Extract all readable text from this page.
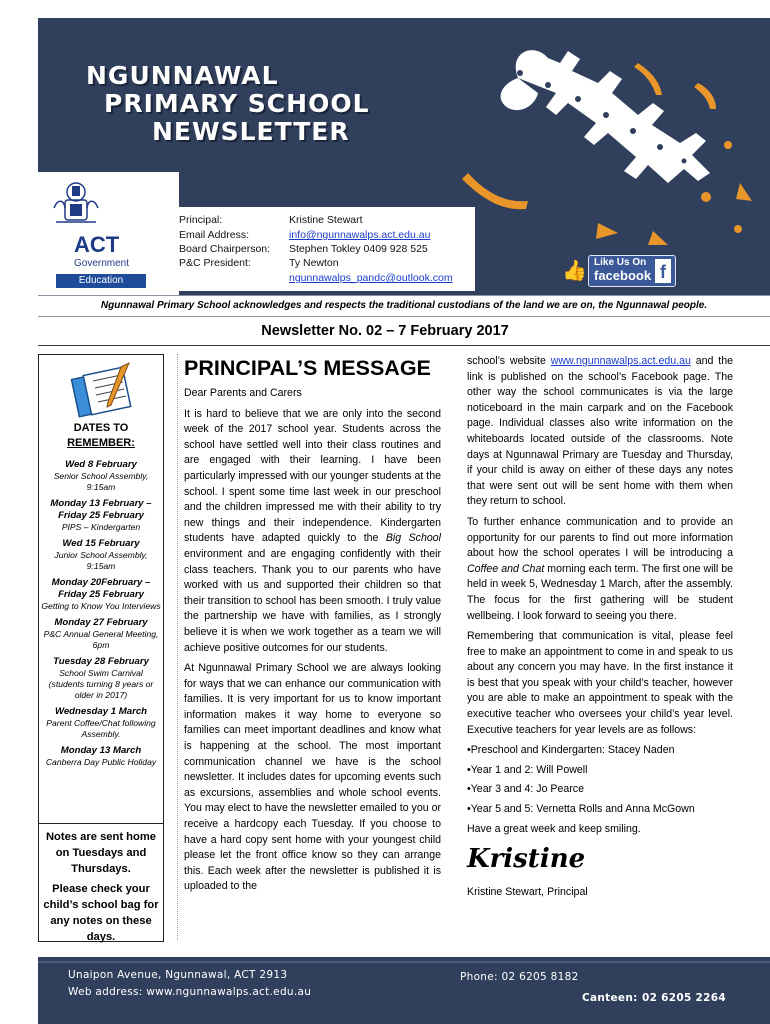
NGUNNAWAL
PRIMARY SCHOOL
NEWSLETTER
ACT
Government
Education
Principal:	Kristine Stewart
Email Address:	info@ngunnawalps.act.edu.au
Board Chairperson:	Stephen Tokley 0409 928 525
P&C President:	Ty Newton
ngunnawalps_pandc@outlook.com	👍 Like Us On
facebook f
Ngunnawal Primary School acknowledges and respects the traditional custodians of the land we are on, the Ngunnawal people.
Newsletter No. 02 – 7 February 2017
DATES TO
REMEMBER:
Wed 8 February
Senior School Assembly, 9:15am
Monday 13 February – Friday 25 February
PIPS – Kindergarten
Wed 15 February
Junior School Assembly, 9:15am
Monday 20February – Friday 25 February
Getting to Know You Interviews
Monday 27 February
P&C Annual General Meeting, 6pm
Tuesday 28 February
School Swim Carnival (students turning 8 years or older in 2017)
Wednesday 1 March
Parent Coffee/Chat following Assembly.
Monday 13 March
Canberra Day Public Holiday

Notes are sent home on Tuesdays and Thursdays.

Please check your child’s school bag for any notes on these days.

PRINCIPAL’S MESSAGE

Dear Parents and Carers

It is hard to believe that we are only into the second week of the 2017 school year. Students across the school have settled well into their class routines and are engaged with their learning. I have been particularly impressed with our younger students at the school. I spent some time last week in our preschool and the children impressed me with their ability to try new things and their independence. Kindergarten students have adapted quickly to the Big School environment and are engaging confidently with their class teachers. Thank you to our parents who have worked with us and supported their children so that their transition to school has been smooth. I truly value the partnership we have with families, as I strongly believe it is when we work together as a team we will achieve positive outcomes for our students.

At Ngunnawal Primary School we are always looking for ways that we can enhance our communication with families. It is very important for us to know important information makes it way home to everyone so families can meet important deadlines and know what is happening at the school. The most important communication channel we have is the school newsletter. It includes dates for upcoming events such as excursions, assemblies and whole school events. You may elect to have the newsletter emailed to you or receive a hardcopy each Tuesday. If you choose to have a hard copy sent home with your youngest child please let the front office know so they can arrange this. Each week after the newsletter is published it is uploaded to the

school’s website www.ngunnawalps.act.edu.au and the link is published on the school’s Facebook page. The other way the school communicates is via the large noticeboard in the main carpark and on the Facebook page. Individual classes also write information on the whiteboards located outside of the classrooms. Note days at Ngunnawal Primary are Tuesday and Thursday, if your child is away on either of these days any notes that were sent out will be sent home with them when they return to school.

To further enhance communication and to provide an opportunity for our parents to find out more information about how the school operates I will be introducing a Coffee and Chat morning each term. The first one will be held in week 5, Wednesday 1 March, after the assembly. The focus for the first gathering will be student wellbeing. I look forward to seeing you there.

Remembering that communication is vital, please feel free to make an appointment to come in and speak to us about any concern you may have. In the first instance it is best that you speak with your child’s teacher, however you are able to make an appointment to speak with the executive teacher who oversees your child’s year level. Executive teachers for year levels are as follows:

• Preschool and Kindergarten: Stacey Naden
• Year 1 and 2: Will Powell
• Year 3 and 4: Jo Pearce
• Year 5 and 5: Vernetta Rolls and Anna McGown

Have a great week and keep smiling.

Kristine

Kristine Stewart, Principal

Unaipon Avenue, Ngunnawal, ACT 2913
Web address: www.ngunnawalps.act.edu.au
Phone: 02 6205 8182
Canteen: 02 6205 2264
